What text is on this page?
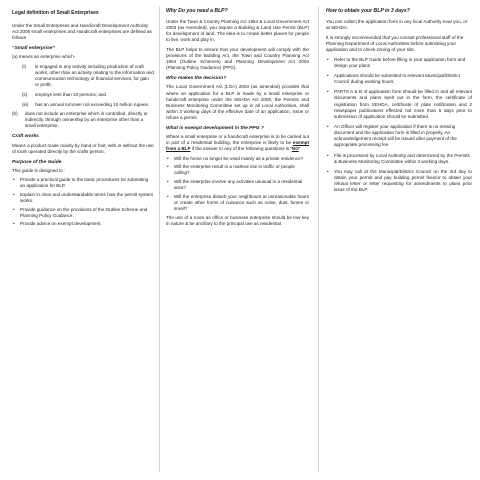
Legal definition of Small Enterprises

Under the Small Enterprises and Handicraft Development Authority Act 2005 small enterprises and Handicraft enterprises are defined as follows

“Small enterprise”

(a) means an enterprise which-

(i) is engaged in any activity including production of craft works, other than an activity relating to the information and communication technology or financial services, for gain or profit;
(ii) employs less than 10 persons; and
(iii) has an annual turnover not exceeding 10 million rupees.
(b) does not include an enterprise which is controlled, directly or indirectly, through ownership by an enterprise other than a small enterprise.
Craft works

Means a product made mainly by hand or foot, with or without the use of tools operated directly by the crafts person.

Purpose of the Guide

This guide is designed to :

• Provide a practical guide to the basic procedures for submitting an application for BLP.
• Explain in clear and understandable terms how the permit system works.
• Provide guidance on the provisions of the Outline Scheme and Planning Policy Guidance.
• Provide advice on exempt development.
Why Do you need a BLP?

Under the Town & Country Planning Act 1954 & Local Government Act 2003 (as Amended), you require a Building & Land Use Permit (BLP) for development of land. The idea is to create better places for people to live, work and play in.

The BLP helps to ensure that your development will comply with the provisions of the Building Act, the Town and Country Planning Act 1954 (Outline Schemes) and Planning Development Act 2004 (Planning Policy Guidance) (PPG).

Who makes the decision?

The Local Government Act (LGA) 2003 (as amended) provides that where an application for a BLP is made by a small enterprise or handicraft enterprise under the SEHDA Act 2005, the Permits and Business Monitoring Committee set up in all Local Authorities, shall within 3 working days of the effective date of an application, issue or refuse a permit.

What is exempt development in the PPG ?

Where a small enterprise or a handicraft enterprise is to be carried out in part of a residential building, the enterprise is likely to be exempt from a BLP if the answer to any of the following questions is “NO”

• Will the home no longer be used mainly as a private residence?
• Will the enterprise result in a marked rise in traffic or people calling?
• Will the enterprise involve any activities unusual in a residential area?
• Will the enterprise disturb your neighbours at unreasonable hours or create other forms of nuisance such as noise, dust, fumes or smell?

The use of a room as office or business enterprise should be low key in nature & be ancillary to the principal use as residential.

How to obtain your BLP in 3 days?

You can collect the application form in any local Authority near you, or at SEHDA.

It is strongly recommended that you consult professional staff of the Planning Department of Local Authorities before submitting your application and to check zoning of your site.

• Refer to the BLP Guide before filling in your application form and design your plans
• Applications should be submitted to relevant Municipal/District Council during working hours.
• PARTS A & B of application form should be filled in and all relevant documents and plans spelt out in the form, the certificate of registration from SEHDA, certificate of plate notification and 2 newspaper publications effected not more than 5 days prior to submission of application should be submitted.
• An Officer will register your application if there is no missing document and the application form is filled in properly. An acknowledgement receipt will be issued after payment of the appropriate processing fee.
• File is processed by Local Authority and determined by the Permits & Business Monitoring Committee within 3 working days.
• You may call at the Municipal/District Council on the 3rd day to obtain your permit and pay building permit fees/or to obtain your refusal letter or letter requesting for amendments to plans prior issue of the BLP.
